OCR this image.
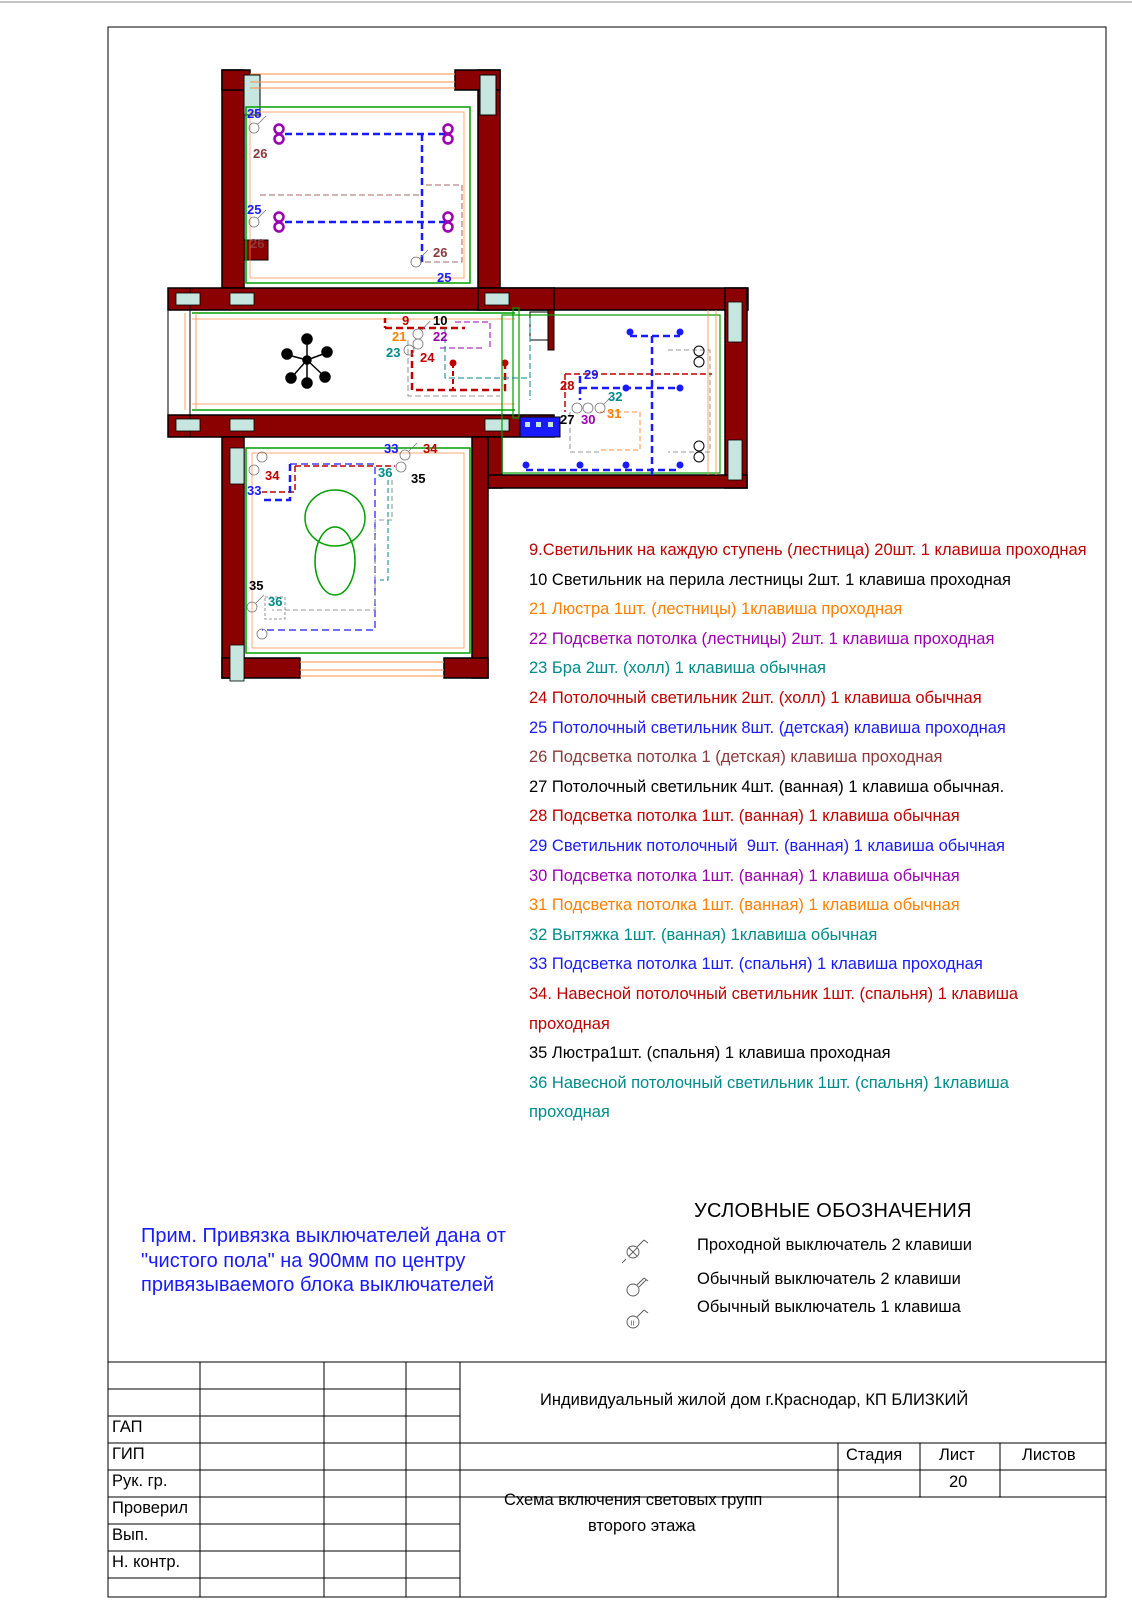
25
26
25
26
26
25
9 10
21 22
23 24
28
29
32
27 30 31
33 34
34	36 35
33
35
36
9.Светильник на каждую ступень (лестница) 20шт. 1 клавиша проходная
10 Светильник на перила лестницы 2шт. 1 клавиша проходная
21 Люстра 1шт. (лестницы) 1клавиша проходная
22 Подсветка потолка (лестницы) 2шт. 1 клавиша проходная
23 Бра 2шт. (холл) 1 клавиша обычная
24 Потолочный светильник 2шт. (холл) 1 клавиша обычная
25 Потолочный светильник 8шт. (детская) клавиша проходная
26 Подсветка потолка 1 (детская) клавиша проходная
27 Потолочный светильник 4шт. (ванная) 1 клавиша обычная.
28 Подсветка потолка 1шт. (ванная) 1 клавиша обычная
29 Светильник потолочный  9шт. (ванная) 1 клавиша обычная
30 Подсветка потолка 1шт. (ванная) 1 клавиша обычная
31 Подсветка потолка 1шт. (ванная) 1 клавиша обычная
32 Вытяжка 1шт. (ванная) 1клавиша обычная
33 Подсветка потолка 1шт. (спальня) 1 клавиша проходная
34. Навесной потолочный светильник 1шт. (спальня) 1 клавиша проходная
35 Люстра1шт. (спальня) 1 клавиша проходная
36 Навесной потолочный светильник 1шт. (спальня) 1клавиша проходная
Прим. Привязка выключателей дана от "чистого пола" на 900мм по центру привязываемого блока выключателей
УСЛОВНЫЕ ОБОЗНАЧЕНИЯ
II
Проходной выключатель 2 клавиши
Обычный выключатель 2 клавиши
Обычный выключатель 1 клавиша
Индивидуальный жилой дом г.Краснодар, КП БЛИЗКИЙ
ГАП
ГИП
Рук. гр.
Проверил
Вып.
Н. контр.
Стадия Лист	Листов
20
Схема включения световых групп
второго этажа
